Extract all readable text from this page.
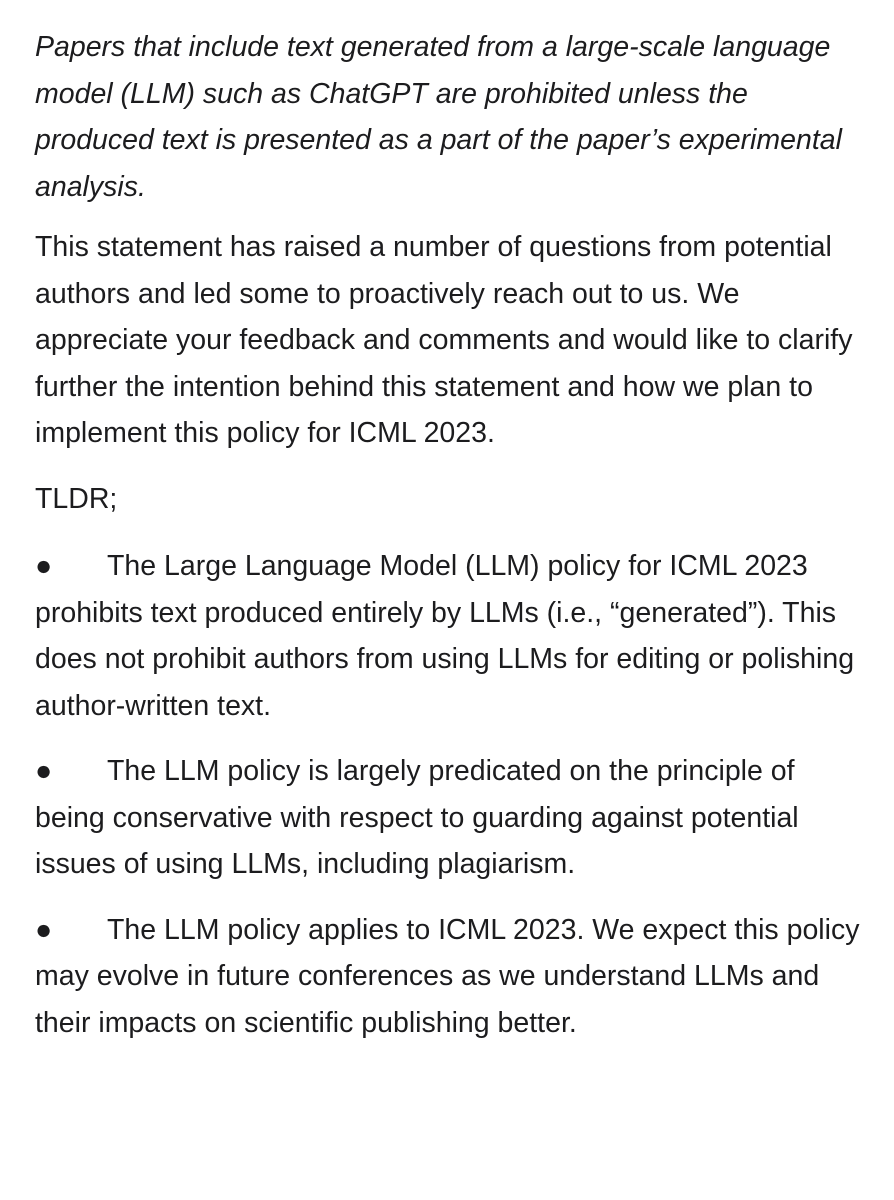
Papers that include text generated from a large-scale language model (LLM) such as ChatGPT are prohibited unless the produced text is presented as a part of the paper’s experimental analysis.

This statement has raised a number of questions from potential authors and led some to proactively reach out to us. We appreciate your feedback and comments and would like to clarify further the intention behind this statement and how we plan to implement this policy for ICML 2023.

TLDR;

● The Large Language Model (LLM) policy for ICML 2023 prohibits text produced entirely by LLMs (i.e., “generated”). This does not prohibit authors from using LLMs for editing or polishing author-written text.

● The LLM policy is largely predicated on the principle of being conservative with respect to guarding against potential issues of using LLMs, including plagiarism.

● The LLM policy applies to ICML 2023. We expect this policy may evolve in future conferences as we understand LLMs and their impacts on scientific publishing better.
